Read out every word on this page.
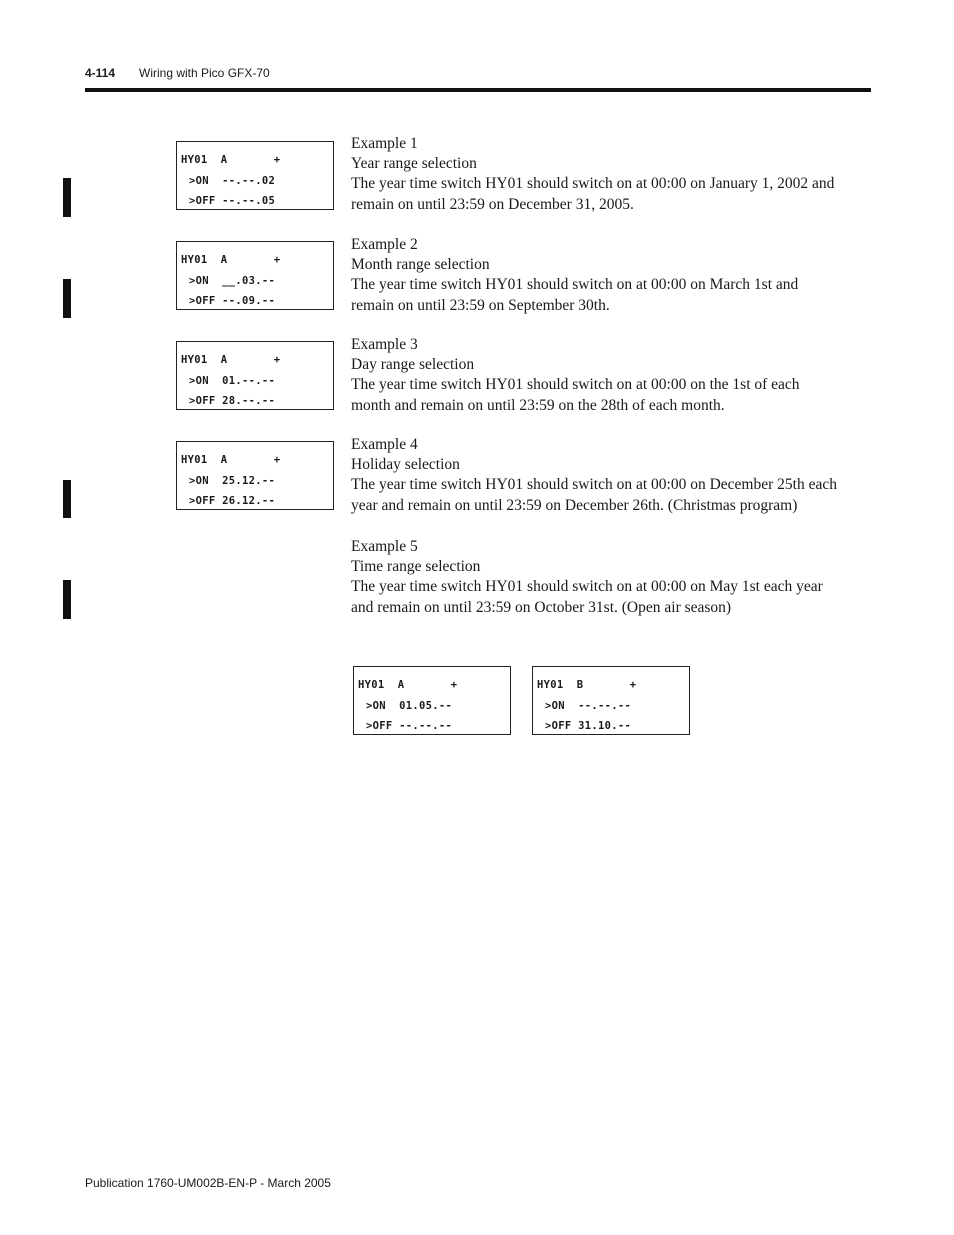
4-114 Wiring with Pico GFX-70
HY01  A       +
>ON  --.--.02
>OFF --.--.05
HY01  A       +
>ON  __.03.--
>OFF --.09.--
HY01  A       +
>ON  01.--.--
>OFF 28.--.--
HY01  A       +
>ON  25.12.--
>OFF 26.12.--
HY01  A       +
>ON  01.05.--
>OFF --.--.--
HY01  B       +
>ON  --.--.--
>OFF 31.10.--
Example 1
Year range selection
The year time switch HY01 should switch on at 00:00 on January 1, 2002 and
remain on until 23:59 on December 31, 2005.
Example 2
Month range selection
The year time switch HY01 should switch on at 00:00 on March 1st and
remain on until 23:59 on September 30th.
Example 3
Day range selection
The year time switch HY01 should switch on at 00:00 on the 1st of each
month and remain on until 23:59 on the 28th of each month.
Example 4
Holiday selection
The year time switch HY01 should switch on at 00:00 on December 25th each
year and remain on until 23:59 on December 26th. (Christmas program)
Example 5
Time range selection
The year time switch HY01 should switch on at 00:00 on May 1st each year
and remain on until 23:59 on October 31st. (Open air season)
Publication 1760-UM002B-EN-P - March 2005
